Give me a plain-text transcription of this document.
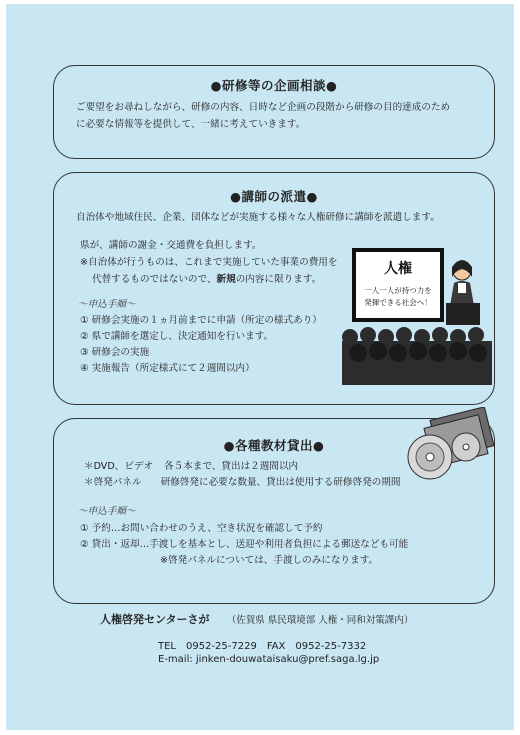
●研修等の企画相談●
ご要望をお尋ねしながら、研修の内容、日時など企画の段階から研修の目的達成のため
に必要な情報等を提供して、一緒に考えていきます。
●講師の派遣●
自治体や地域住民、企業、団体などが実施する様々な人権研修に講師を派遣します。
県が、講師の謝金・交通費を負担します。
※自治体が行うものは、これまで実施していた事業の費用を
代替するものではないので、新規の内容に限ります。
～申込手順～
① 研修会実施の１ヵ月前までに申請（所定の様式あり）
② 県で講師を選定し、決定通知を行います。
③ 研修会の実施
④ 実施報告（所定様式にて２週間以内）
人権
一人一人が持つ力を
発揮できる社会へ！
●各種教材貸出●
＊DVD、ビデオ 各５本まで、貸出は２週間以内
＊啓発パネル 研修啓発に必要な数量、貸出は使用する研修啓発の期間
～申込手順～
① 予約…お問い合わせのうえ、空き状況を確認して予約
② 貸出・返却…手渡しを基本とし、送迎や利用者負担による郵送なども可能
※啓発パネルについては、手渡しのみになります。
人権啓発センターさが （佐賀県 県民環境部 人権・同和対策課内）
TEL　0952-25-7229　FAX　0952-25-7332
E-mail: jinken-douwataisaku@pref.saga.lg.jp
